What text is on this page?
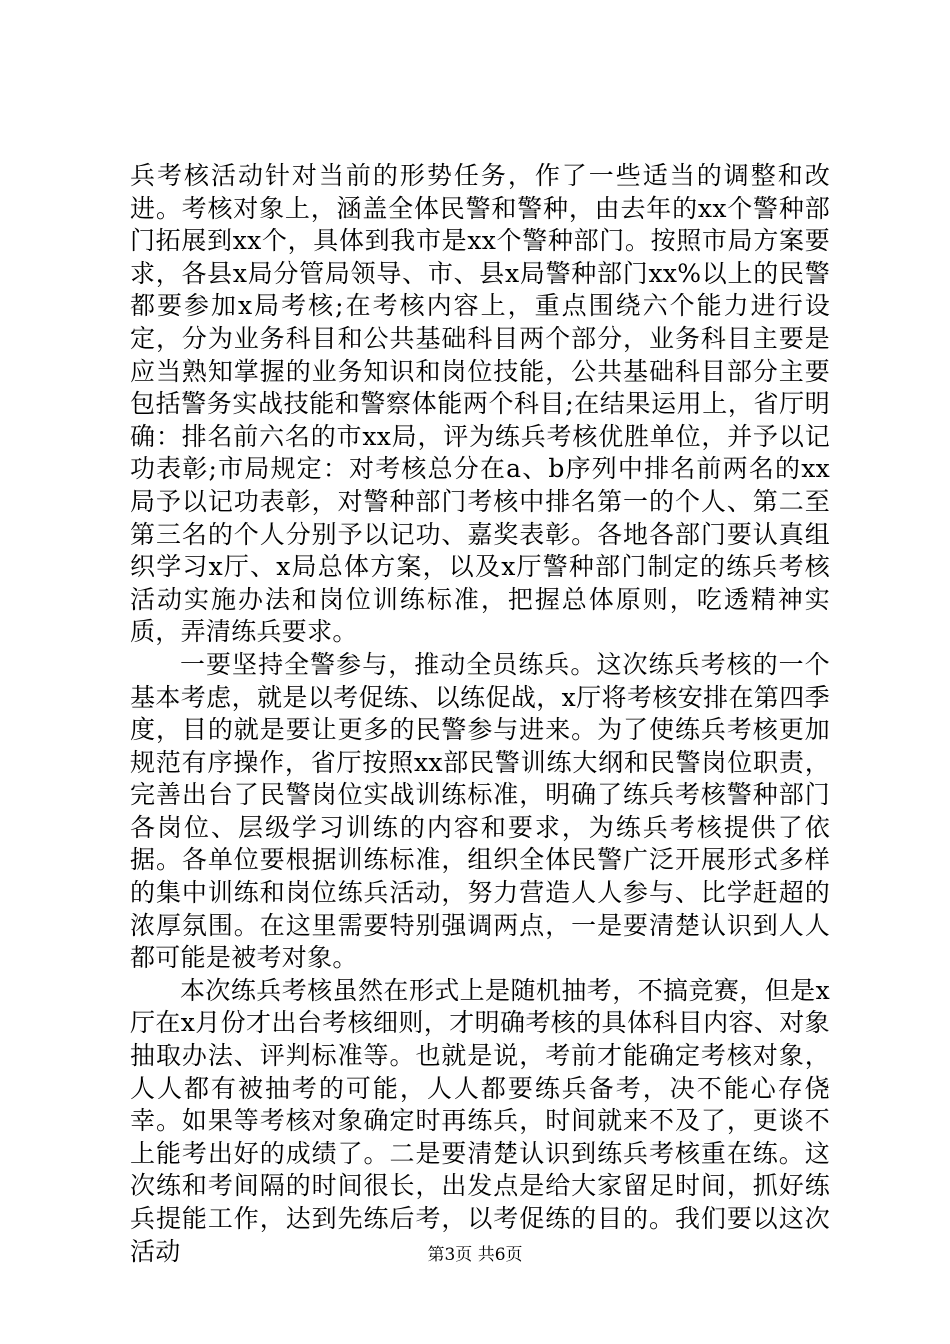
兵考核活动针对当前的形势任务，作了一些适当的调整和改进。考核对象上，涵盖全体民警和警种，由去年的xx个警种部门拓展到xx个，具体到我市是xx个警种部门。按照市局方案要求，各县x局分管局领导、市、县x局警种部门xx%以上的民警都要参加x局考核;在考核内容上，重点围绕六个能力进行设定，分为业务科目和公共基础科目两个部分，业务科目主要是应当熟知掌握的业务知识和岗位技能，公共基础科目部分主要包括警务实战技能和警察体能两个科目;在结果运用上，省厅明确：排名前六名的市xx局，评为练兵考核优胜单位，并予以记功表彰;市局规定：对考核总分在a、b序列中排名前两名的xx局予以记功表彰，对警种部门考核中排名第一的个人、第二至第三名的个人分别予以记功、嘉奖表彰。各地各部门要认真组织学习x厅、x局总体方案，以及x厅警种部门制定的练兵考核活动实施办法和岗位训练标准，把握总体原则，吃透精神实质，弄清练兵要求。

一要坚持全警参与，推动全员练兵。这次练兵考核的一个基本考虑，就是以考促练、以练促战，x厅将考核安排在第四季度，目的就是要让更多的民警参与进来。为了使练兵考核更加规范有序操作，省厅按照xx部民警训练大纲和民警岗位职责，完善出台了民警岗位实战训练标准，明确了练兵考核警种部门各岗位、层级学习训练的内容和要求，为练兵考核提供了依据。各单位要根据训练标准，组织全体民警广泛开展形式多样的集中训练和岗位练兵活动，努力营造人人参与、比学赶超的浓厚氛围。在这里需要特别强调两点，一是要清楚认识到人人都可能是被考对象。

本次练兵考核虽然在形式上是随机抽考，不搞竞赛，但是x厅在x月份才出台考核细则，才明确考核的具体科目内容、对象抽取办法、评判标准等。也就是说，考前才能确定考核对象，人人都有被抽考的可能，人人都要练兵备考，决不能心存侥幸。如果等考核对象确定时再练兵，时间就来不及了，更谈不上能考出好的成绩了。二是要清楚认识到练兵考核重在练。这次练和考间隔的时间很长，出发点是给大家留足时间，抓好练兵提能工作，达到先练后考，以考促练的目的。我们要以这次活动	第3页 共6页
